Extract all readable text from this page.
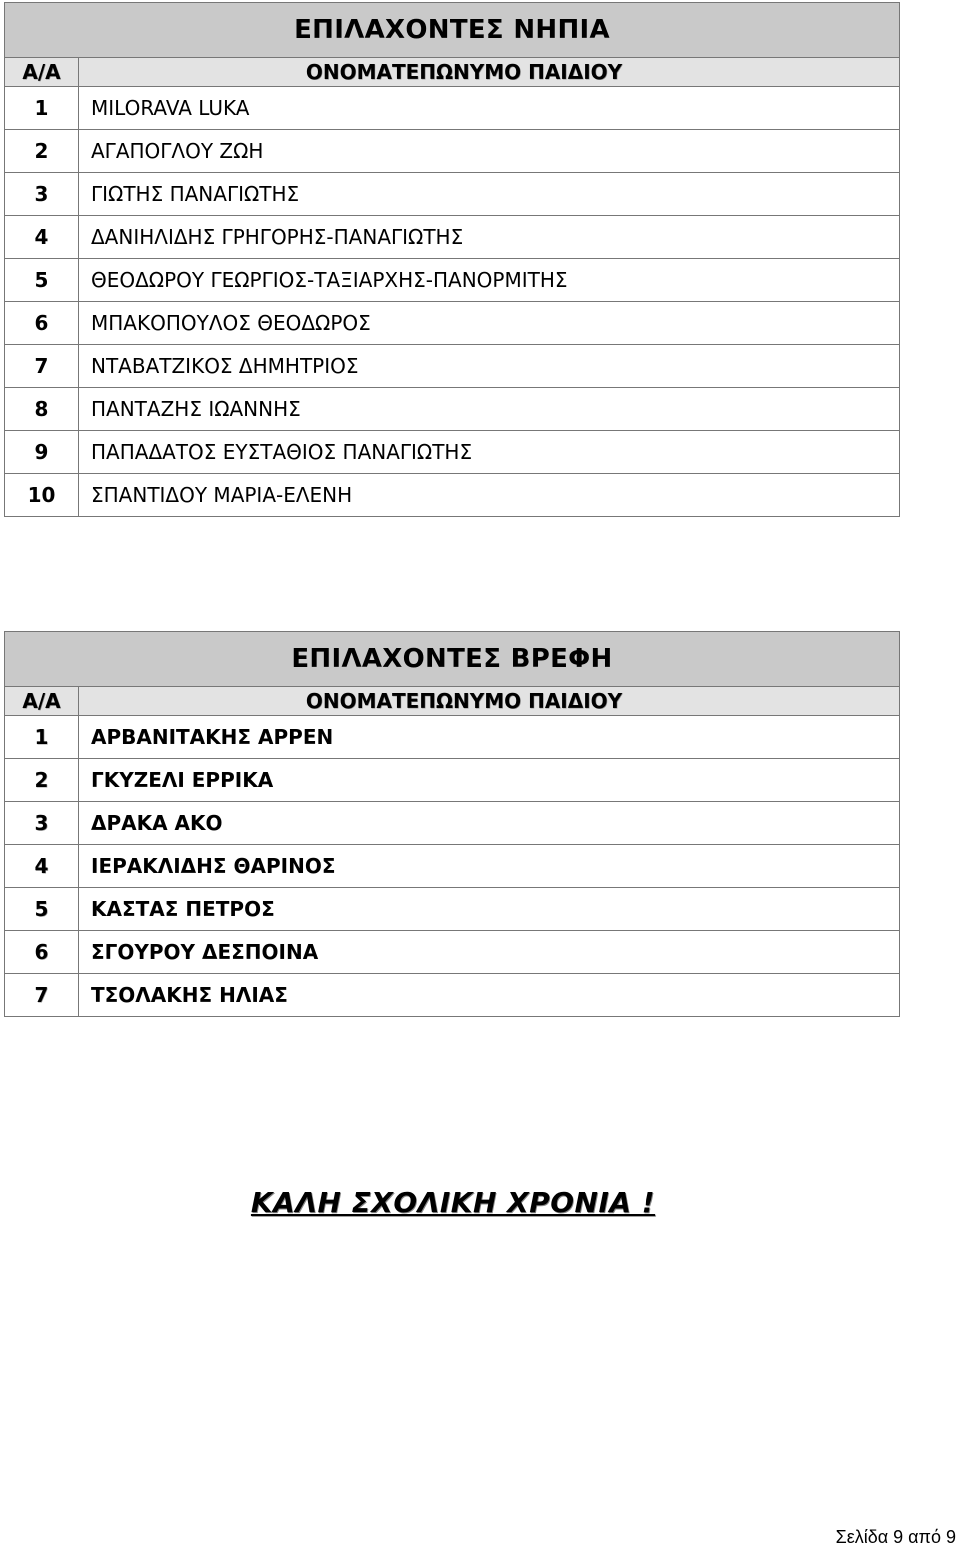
ΕΠΙΛΑΧΟΝΤΕΣ ΝΗΠΙΑ	
Α/Α	ΟΝΟΜΑΤΕΠΩΝΥΜΟ ΠΑΙΔΙΟΥ
1	MILORAVA LUKA
2	ΑΓΑΠΟΓΛΟΥ ΖΩΗ
3	ΓΙΩΤΗΣ ΠΑΝΑΓΙΩΤΗΣ
4	ΔΑΝΙΗΛΙΔΗΣ ΓΡΗΓΟΡΗΣ-ΠΑΝΑΓΙΩΤΗΣ
5	ΘΕΟΔΩΡΟΥ ΓΕΩΡΓΙΟΣ-ΤΑΞΙΑΡΧΗΣ-ΠΑΝΟΡΜΙΤΗΣ
6	ΜΠΑΚΟΠΟΥΛΟΣ ΘΕΟΔΩΡΟΣ
7	ΝΤΑΒΑΤΖΙΚΟΣ ΔΗΜΗΤΡΙΟΣ
8	ΠΑΝΤΑΖΗΣ ΙΩΑΝΝΗΣ
9	ΠΑΠΑΔΑΤΟΣ ΕΥΣΤΑΘΙΟΣ ΠΑΝΑΓΙΩΤΗΣ
10	ΣΠΑΝΤΙΔΟΥ ΜΑΡΙΑ-ΕΛΕΝΗ
ΕΠΙΛΑΧΟΝΤΕΣ ΒΡΕΦΗ	
Α/Α	ΟΝΟΜΑΤΕΠΩΝΥΜΟ ΠΑΙΔΙΟΥ
1	ΑΡΒΑΝΙΤΑΚΗΣ ΑΡΡΕΝ
2	ΓΚΥΖΕΛΙ ΕΡΡΙΚΑ
3	ΔΡΑΚΑ ΑΚΟ
4	ΙΕΡΑΚΛΙΔΗΣ ΘΑΡΙΝΟΣ
5	ΚΑΣΤΑΣ ΠΕΤΡΟΣ
6	ΣΓΟΥΡΟΥ ΔΕΣΠΟΙΝΑ
7	ΤΣΟΛΑΚΗΣ ΗΛΙΑΣ
ΚΑΛΗ ΣΧΟΛΙΚΗ ΧΡΟΝΙΑ !
Σελίδα 9 από 9
